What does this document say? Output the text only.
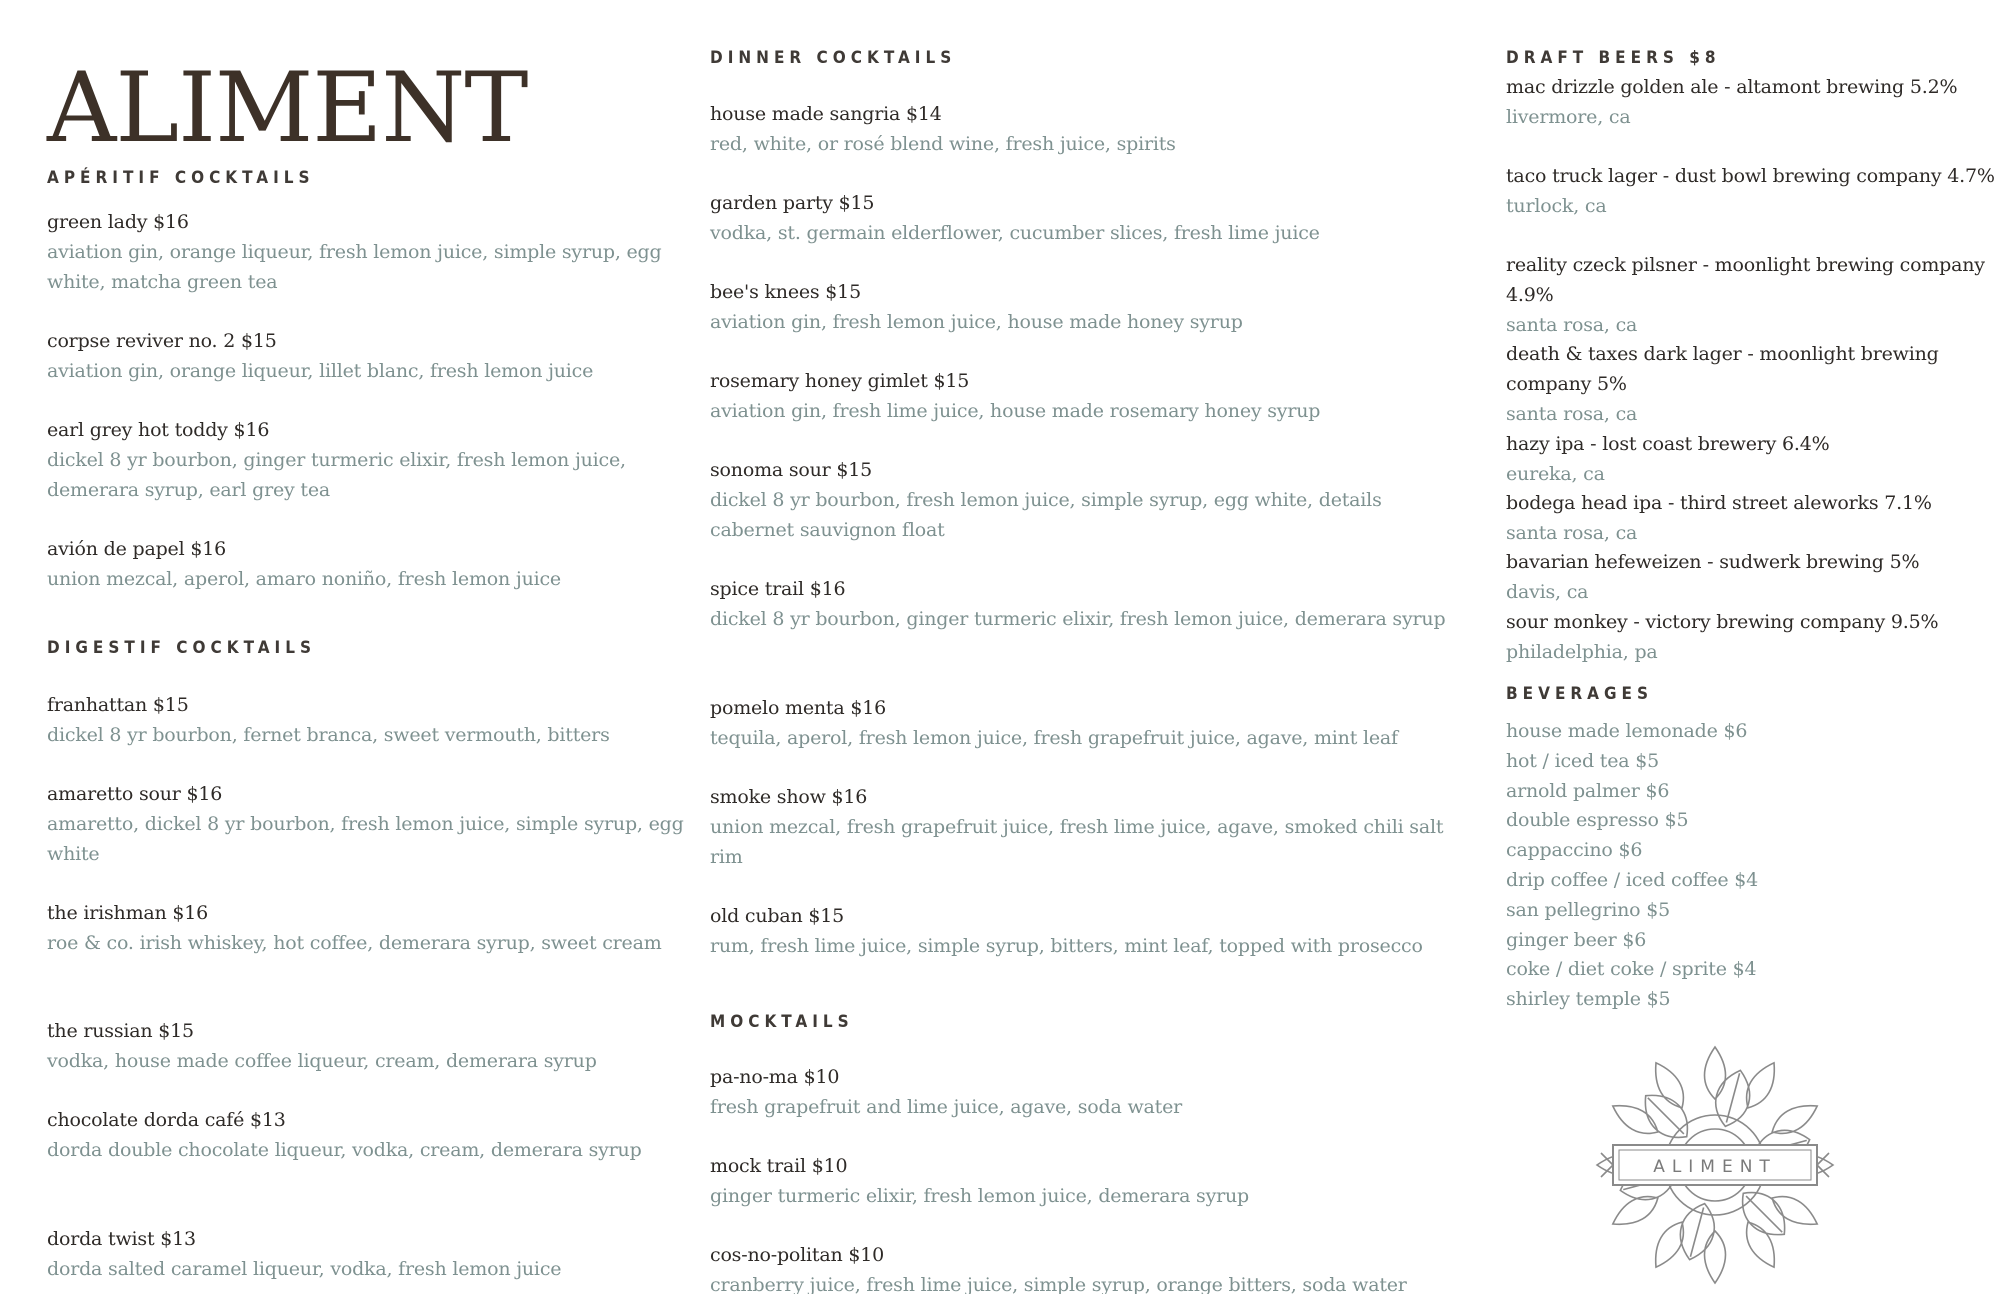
ALIMENT
APÉRITIF COCKTAILS
green lady $16
aviation gin, orange liqueur, fresh lemon juice, simple syrup, egg white, matcha green tea
corpse reviver no. 2 $15
aviation gin, orange liqueur, lillet blanc, fresh lemon juice
earl grey hot toddy $16
dickel 8 yr bourbon, ginger turmeric elixir, fresh lemon juice, demerara syrup, earl grey tea
avión de papel $16
union mezcal, aperol, amaro noniño, fresh lemon juice
DIGESTIF COCKTAILS
franhattan $15
dickel 8 yr bourbon, fernet branca, sweet vermouth, bitters
amaretto sour $16
amaretto, dickel 8 yr bourbon, fresh lemon juice, simple syrup, egg white
the irishman $16
roe & co. irish whiskey, hot coffee, demerara syrup, sweet cream
the russian $15
vodka, house made coffee liqueur, cream, demerara syrup
chocolate dorda café $13
dorda double chocolate liqueur, vodka, cream, demerara syrup
dorda twist $13
dorda salted caramel liqueur, vodka, fresh lemon juice
DINNER COCKTAILS
house made sangria $14
red, white, or rosé blend wine, fresh juice, spirits
garden party $15
vodka, st. germain elderflower, cucumber slices, fresh lime juice
bee's knees $15
aviation gin, fresh lemon juice, house made honey syrup
rosemary honey gimlet $15
aviation gin, fresh lime juice, house made rosemary honey syrup
sonoma sour $15
dickel 8 yr bourbon, fresh lemon juice, simple syrup, egg white, details cabernet sauvignon float
spice trail $16
dickel 8 yr bourbon, ginger turmeric elixir, fresh lemon juice, demerara syrup
pomelo menta $16
tequila, aperol, fresh lemon juice, fresh grapefruit juice, agave, mint leaf
smoke show $16
union mezcal, fresh grapefruit juice, fresh lime juice, agave, smoked chili salt rim
old cuban $15
rum, fresh lime juice, simple syrup, bitters, mint leaf, topped with prosecco
MOCKTAILS
pa-no-ma $10
fresh grapefruit and lime juice, agave, soda water
mock trail $10
ginger turmeric elixir, fresh lemon juice, demerara syrup
cos-no-politan $10
cranberry juice, fresh lime juice, simple syrup, orange bitters, soda water
DRAFT BEERS $8
mac drizzle golden ale - altamont brewing 5.2%
livermore, ca
taco truck lager - dust bowl brewing company 4.7%
turlock, ca
reality czeck pilsner - moonlight brewing company 4.9%
santa rosa, ca
death & taxes dark lager - moonlight brewing company 5%
santa rosa, ca
hazy ipa - lost coast brewery 6.4%
eureka, ca
bodega head ipa - third street aleworks 7.1%
santa rosa, ca
bavarian hefeweizen - sudwerk brewing 5%
davis, ca
sour monkey - victory brewing company 9.5%
philadelphia, pa
BEVERAGES
house made lemonade $6
hot / iced tea $5
arnold palmer $6
double espresso $5
cappaccino $6
drip coffee / iced coffee $4
san pellegrino $5
ginger beer $6
coke / diet coke / sprite $4
shirley temple $5
ALIMENT
